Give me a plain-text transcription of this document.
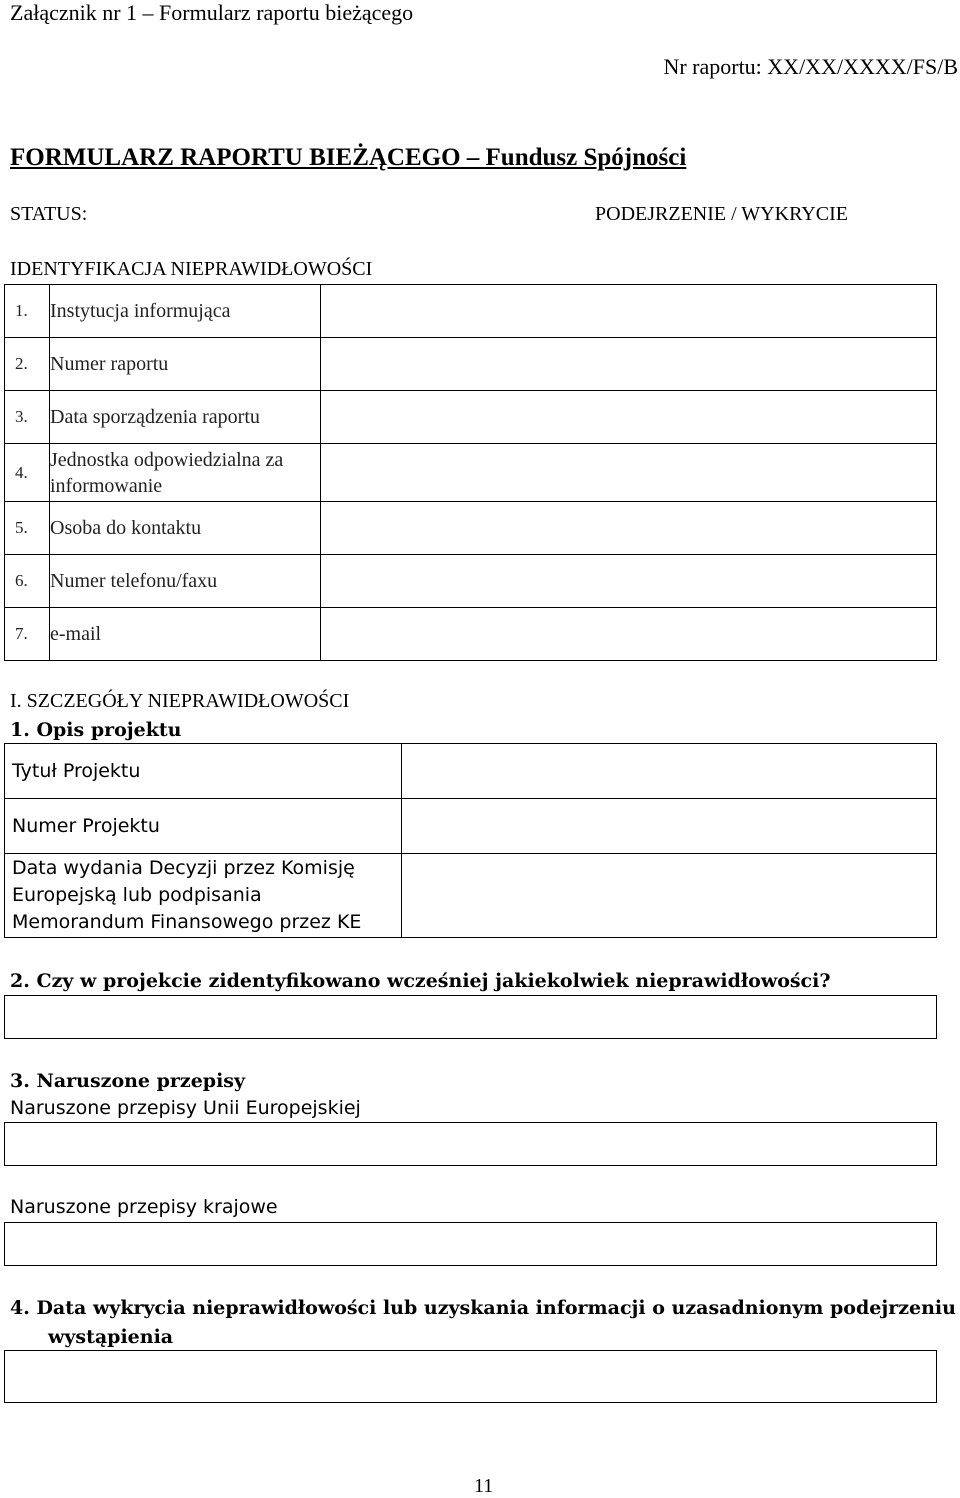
Załącznik nr 1 – Formularz raportu bieżącego
Nr raportu: XX/XX/XXXX/FS/B
FORMULARZ RAPORTU BIEŻĄCEGO – Fundusz Spójności
STATUS:	PODEJRZENIE / WYKRYCIE
IDENTYFIKACJA NIEPRAWIDŁOWOŚCI
1.	Instytucja informująca	
2.	Numer raportu	
3.	Data sporządzenia raportu	
4.	Jednostka odpowiedzialna za informowanie	
5.	Osoba do kontaktu	
6.	Numer telefonu/faxu	
7.	e-mail	
I. SZCZEGÓŁY NIEPRAWIDŁOWOŚCI
1. Opis projektu
Tytuł Projektu	
Numer Projektu	
Data wydania Decyzji przez Komisję Europejską lub podpisania Memorandum Finansowego przez KE	
2. Czy w projekcie zidentyfikowano wcześniej jakiekolwiek nieprawidłowości?
3. Naruszone przepisy
Naruszone przepisy Unii Europejskiej
Naruszone przepisy krajowe
4. Data wykrycia nieprawidłowości lub uzyskania informacji o uzasadnionym podejrzeniu
wystąpienia
11
